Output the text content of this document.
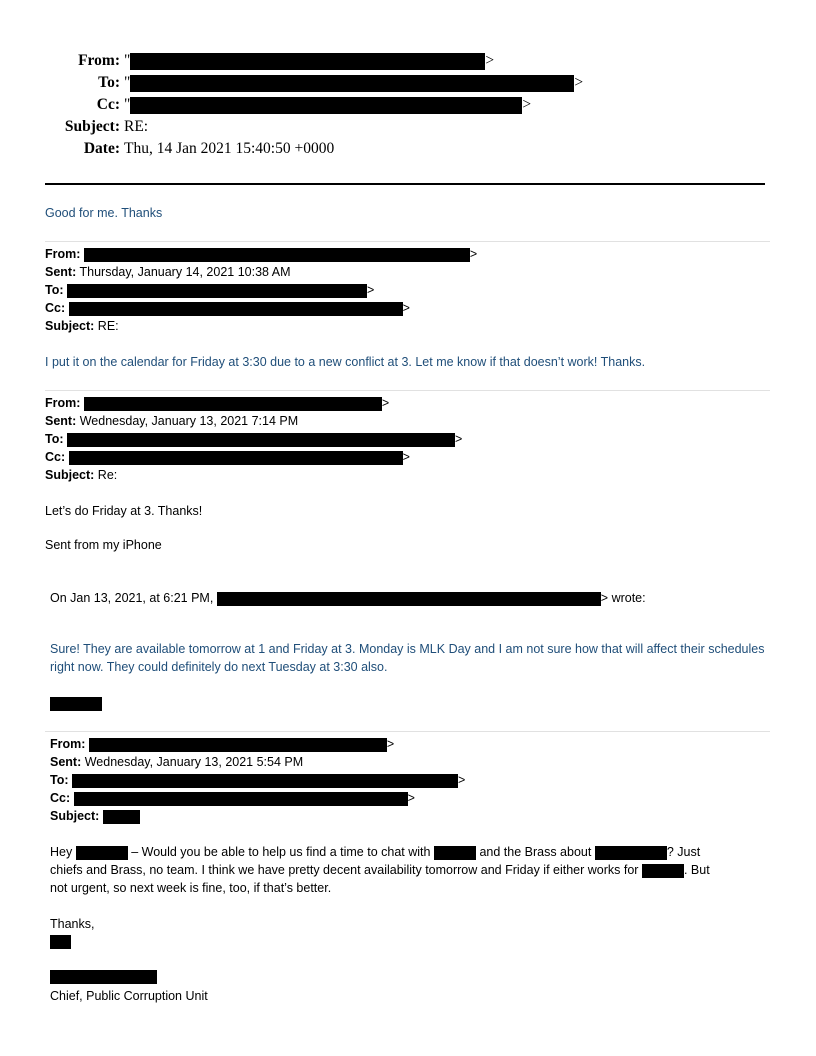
From: "	>
To: "	>
Cc: "	>
Subject: RE:
Date: Thu, 14 Jan 2021 15:40:50 +0000
Good for me. Thanks
From:	>
Sent: Thursday, January 14, 2021 10:38 AM
To:	>
Cc:	>
Subject: RE:
I put it on the calendar for Friday at 3:30 due to a new conflict at 3. Let me know if that doesn’t work! Thanks.
From:	>
Sent: Wednesday, January 13, 2021 7:14 PM
To:	>
Cc:	>
Subject: Re:
Let’s do Friday at 3. Thanks!
Sent from my iPhone
On Jan 13, 2021, at 6:21 PM,	> wrote:
Sure! They are available tomorrow at 1 and Friday at 3. Monday is MLK Day and I am not sure how that will affect their schedules right now. They could definitely do next Tuesday at 3:30 also.
From:	>
Sent: Wednesday, January 13, 2021 5:54 PM
To:	>
Cc:	>
Subject:
Hey	– Would you be able to help us find a time to chat with	and the Brass about	? Just
chiefs and Brass, no team. I think we have pretty decent availability tomorrow and Friday if either works for	. But
not urgent, so next week is fine, too, if that’s better.
Thanks,
Chief, Public Corruption Unit
